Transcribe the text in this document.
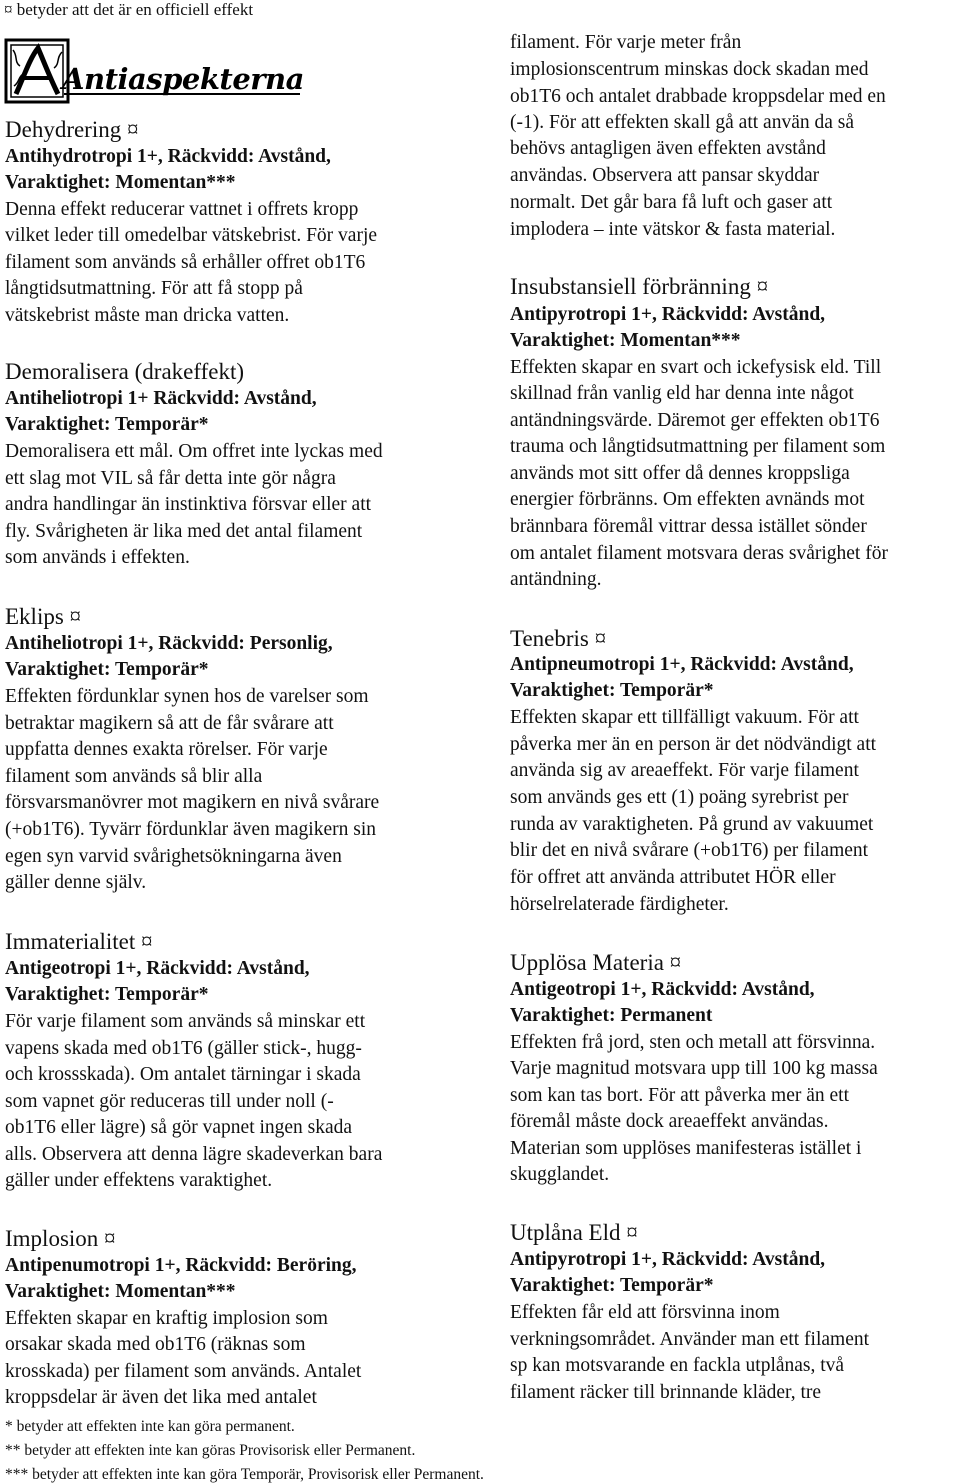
¤ betyder att det är en officiell effekt
Antiaspekterna
Dehydrering ¤
Antihydrotropi 1+, Räckvidd: Avstånd,
Varaktighet: Momentan***
Denna effekt reducerar vattnet i offrets kropp
vilket leder till omedelbar vätskebrist. För varje
filament som används så erhåller offret ob1T6
långtidsutmattning. För att få stopp på
vätskebrist måste man dricka vatten.
Demoralisera (drakeffekt)
Antiheliotropi 1+ Räckvidd: Avstånd,
Varaktighet: Temporär*
Demoralisera ett mål. Om offret inte lyckas med
ett slag mot VIL så får detta inte gör några
andra handlingar än instinktiva försvar eller att
fly. Svårigheten är lika med det antal filament
som används i effekten.
Eklips ¤
Antiheliotropi 1+, Räckvidd: Personlig,
Varaktighet: Temporär*
Effekten fördunklar synen hos de varelser som
betraktar magikern så att de får svårare att
uppfatta dennes exakta rörelser. För varje
filament som används så blir alla
försvarsmanövrer mot magikern en nivå svårare
(+ob1T6). Tyvärr fördunklar även magikern sin
egen syn varvid svårighetsökningarna även
gäller denne själv.
Immaterialitet ¤
Antigeotropi 1+, Räckvidd: Avstånd,
Varaktighet: Temporär*
För varje filament som används så minskar ett
vapens skada med ob1T6 (gäller stick-, hugg-
och krossskada). Om antalet tärningar i skada
som vapnet gör reduceras till under noll (-
ob1T6 eller lägre) så gör vapnet ingen skada
alls. Observera att denna lägre skadeverkan bara
gäller under effektens varaktighet.
Implosion ¤
Antipenumotropi 1+, Räckvidd: Beröring,
Varaktighet: Momentan***
Effekten skapar en kraftig implosion som
orsakar skada med ob1T6 (räknas som
krosskada) per filament som används. Antalet
kroppsdelar är även det lika med antalet
filament. För varje meter från
implosionscentrum minskas dock skadan med
ob1T6 och antalet drabbade kroppsdelar med en
(-1). För att effekten skall gå att använ da så
behövs antagligen även effekten avstånd
användas. Observera att pansar skyddar
normalt. Det går bara få luft och gaser att
implodera – inte vätskor & fasta material.
Insubstansiell förbränning ¤
Antipyrotropi 1+, Räckvidd: Avstånd,
Varaktighet: Momentan***
Effekten skapar en svart och ickefysisk eld. Till
skillnad från vanlig eld har denna inte något
antändningsvärde. Däremot ger effekten ob1T6
trauma och långtidsutmattning per filament som
används mot sitt offer då dennes kroppsliga
energier förbränns. Om effekten avnänds mot
brännbara föremål vittrar dessa istället sönder
om antalet filament motsvara deras svårighet för
antändning.
Tenebris ¤
Antipneumotropi 1+, Räckvidd: Avstånd,
Varaktighet: Temporär*
Effekten skapar ett tillfälligt vakuum. För att
påverka mer än en person är det nödvändigt att
använda sig av areaeffekt. För varje filament
som används ges ett (1) poäng syrebrist per
runda av varaktigheten. På grund av vakuumet
blir det en nivå svårare (+ob1T6) per filament
för offret att använda attributet HÖR eller
hörselrelaterade färdigheter.
Upplösa Materia ¤
Antigeotropi 1+, Räckvidd: Avstånd,
Varaktighet: Permanent
Effekten frå jord, sten och metall att försvinna.
Varje magnitud motsvara upp till 100 kg massa
som kan tas bort. För att påverka mer än ett
föremål måste dock areaeffekt användas.
Materian som upplöses manifesteras istället i
skugglandet.
Utplåna Eld ¤
Antipyrotropi 1+, Räckvidd: Avstånd,
Varaktighet: Temporär*
Effekten får eld att försvinna inom
verkningsområdet. Använder man ett filament
sp kan motsvarande en fackla utplånas, två
filament räcker till brinnande kläder, tre
* betyder att effekten inte kan göra permanent.
** betyder att effekten inte kan göras Provisorisk eller Permanent.
*** betyder att effekten inte kan göra Temporär, Provisorisk eller Permanent.
